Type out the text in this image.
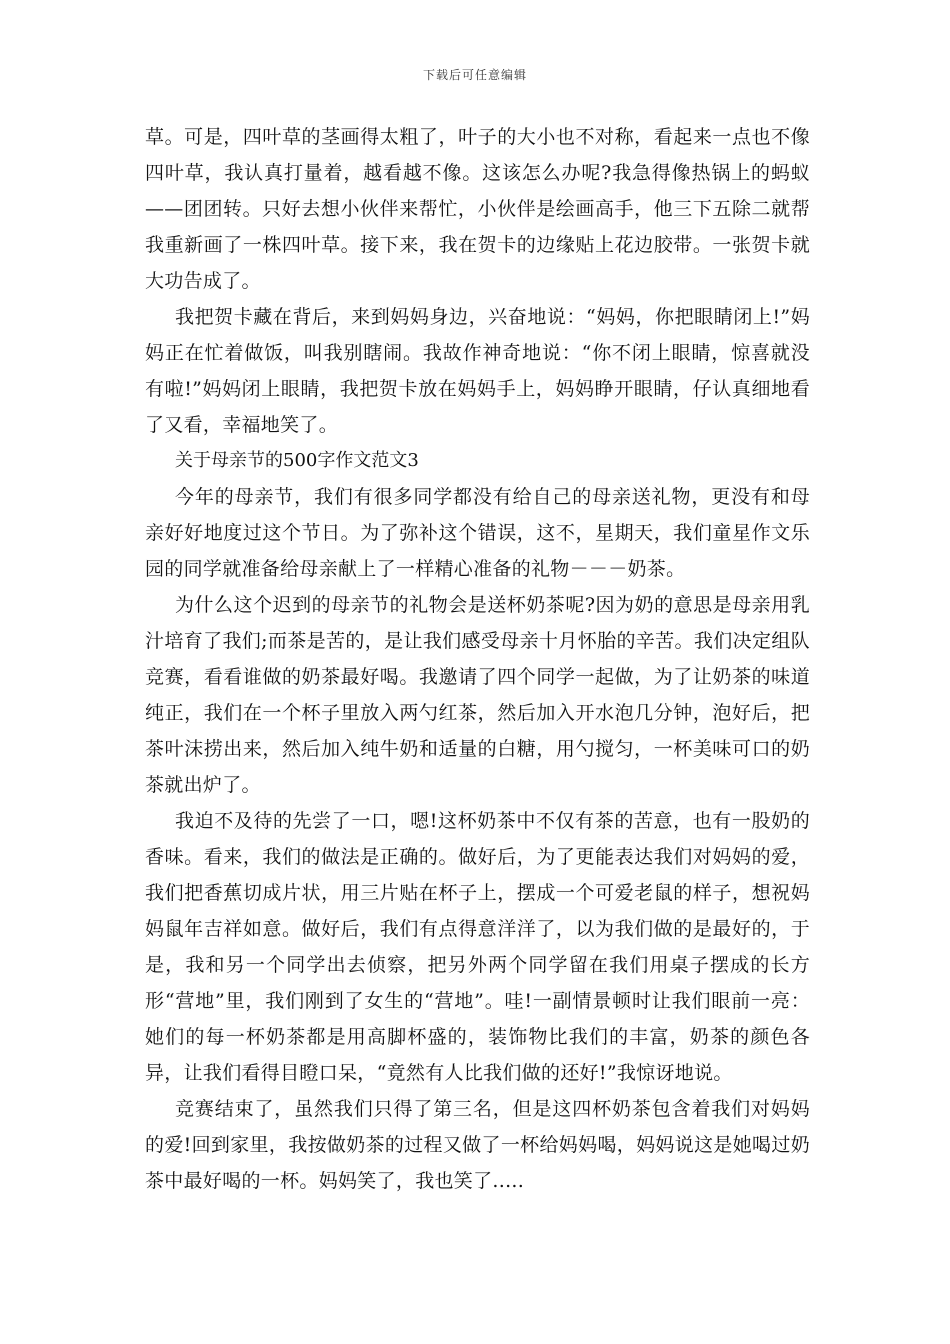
下载后可任意编辑

草。可是，四叶草的茎画得太粗了，叶子的大小也不对称，看起来一点也不像四叶草，我认真打量着，越看越不像。这该怎么办呢?我急得像热锅上的蚂蚁——团团转。只好去想小伙伴来帮忙，小伙伴是绘画高手，他三下五除二就帮我重新画了一株四叶草。接下来，我在贺卡的边缘贴上花边胶带。一张贺卡就大功告成了。

我把贺卡藏在背后，来到妈妈身边，兴奋地说：“妈妈，你把眼睛闭上!”妈妈正在忙着做饭，叫我别瞎闹。我故作神奇地说：“你不闭上眼睛，惊喜就没有啦!”妈妈闭上眼睛，我把贺卡放在妈妈手上，妈妈睁开眼睛，仔认真细地看了又看，幸福地笑了。

关于母亲节的500字作文范文3

今年的母亲节，我们有很多同学都没有给自己的母亲送礼物，更没有和母亲好好地度过这个节日。为了弥补这个错误，这不，星期天，我们童星作文乐园的同学就准备给母亲献上了一样精心准备的礼物－－－奶茶。

为什么这个迟到的母亲节的礼物会是送杯奶茶呢?因为奶的意思是母亲用乳汁培育了我们;而茶是苦的，是让我们感受母亲十月怀胎的辛苦。我们决定组队竞赛，看看谁做的奶茶最好喝。我邀请了四个同学一起做，为了让奶茶的味道纯正，我们在一个杯子里放入两勺红茶，然后加入开水泡几分钟，泡好后，把茶叶沫捞出来，然后加入纯牛奶和适量的白糖，用勺搅匀，一杯美味可口的奶茶就出炉了。

我迫不及待的先尝了一口，嗯!这杯奶茶中不仅有茶的苦意，也有一股奶的香味。看来，我们的做法是正确的。做好后，为了更能表达我们对妈妈的爱，我们把香蕉切成片状，用三片贴在杯子上，摆成一个可爱老鼠的样子，想祝妈妈鼠年吉祥如意。做好后，我们有点得意洋洋了，以为我们做的是最好的，于是，我和另一个同学出去侦察，把另外两个同学留在我们用桌子摆成的长方形“营地”里，我们刚到了女生的“营地”。哇!一副情景顿时让我们眼前一亮：她们的每一杯奶茶都是用高脚杯盛的，装饰物比我们的丰富，奶茶的颜色各异，让我们看得目瞪口呆，“竟然有人比我们做的还好!”我惊讶地说。

竞赛结束了，虽然我们只得了第三名，但是这四杯奶茶包含着我们对妈妈的爱!回到家里，我按做奶茶的过程又做了一杯给妈妈喝，妈妈说这是她喝过奶茶中最好喝的一杯。妈妈笑了，我也笑了.....
